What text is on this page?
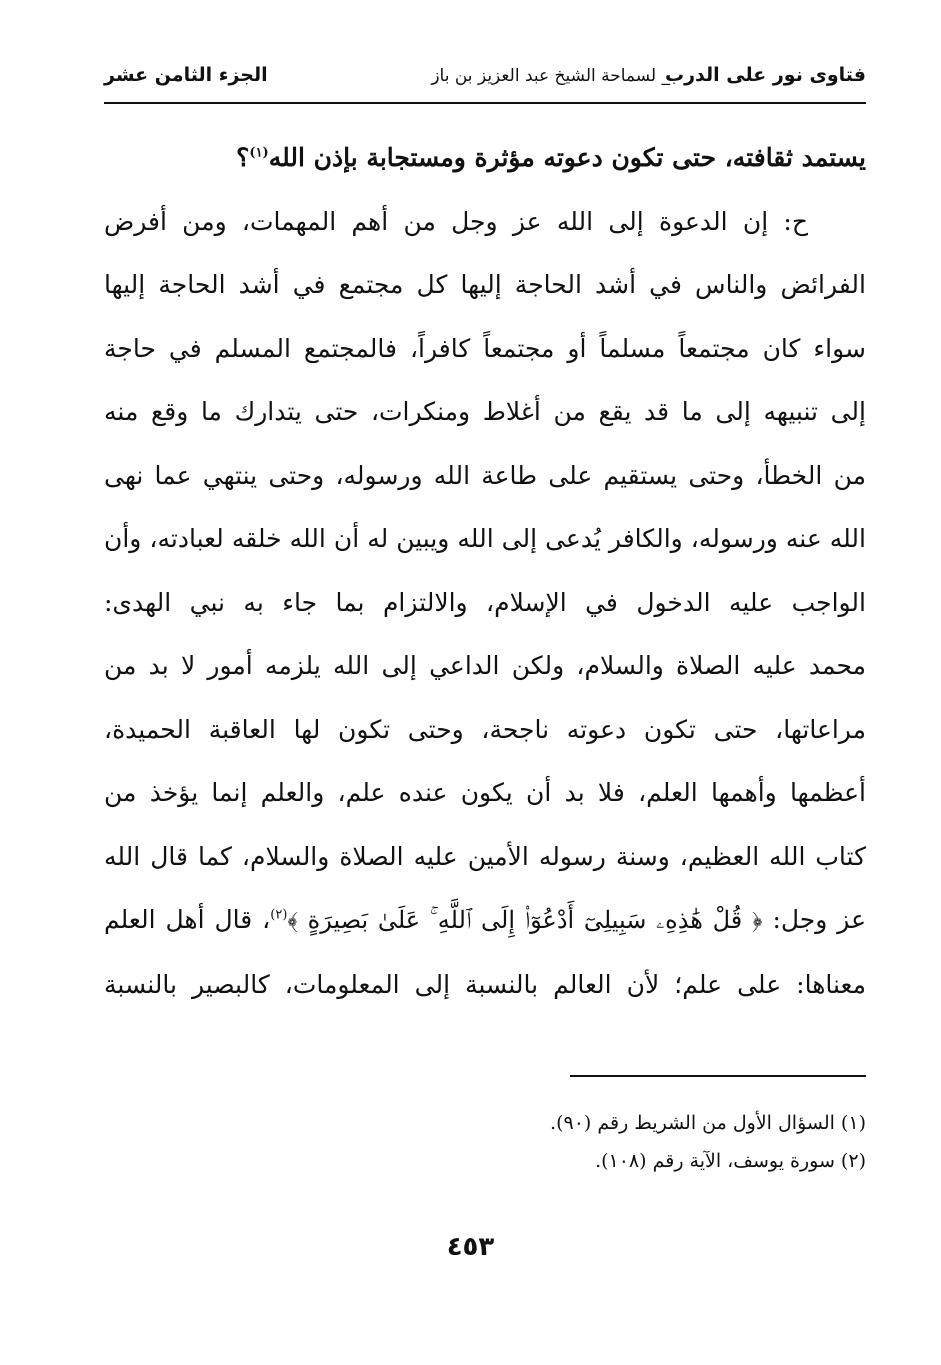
فتاوى نور على الدرب
_ لسماحة الشيخ عبد العزيز بن باز
الجزء الثامن عشر
يستمد ثقافته، حتى تكون دعوته مؤثرة ومستجابة بإذن الله$^{(١)}$؟
ح: إن الدعوة إلى الله عز وجل من أهم المهمات، ومن أفرض
الفرائض والناس في أشد الحاجة إليها كل مجتمع في أشد الحاجة إليها
سواء كان مجتمعاً مسلماً أو مجتمعاً كافراً، فالمجتمع المسلم في حاجة
إلى تنبيهه إلى ما قد يقع من أغلاط ومنكرات، حتى يتدارك ما وقع منه
من الخطأ، وحتى يستقيم على طاعة الله ورسوله، وحتى ينتهي عما نهى
الله عنه ورسوله، والكافر يُدعى إلى الله ويبين له أن الله خلقه لعبادته، وأن
الواجب عليه الدخول في الإسلام، والالتزام بما جاء به نبي الهدى:
محمد عليه الصلاة والسلام، ولكن الداعي إلى الله يلزمه أمور لا بد من
مراعاتها، حتى تكون دعوته ناجحة، وحتى تكون لها العاقبة الحميدة،
أعظمها وأهمها العلم، فلا بد أن يكون عنده علم، والعلم إنما يؤخذ من
كتاب الله العظيم، وسنة رسوله الأمين عليه الصلاة والسلام، كما قال الله
عز وجل: ﴿ قُلْ هَٰذِهِۦ سَبِيلِىٓ أَدْعُوٓا۟ إِلَى ٱللَّهِ ۚ عَلَىٰ بَصِيرَةٍ ﴾$^{(٢)}$، قال أهل العلم
معناها: على علم؛ لأن العالم بالنسبة إلى المعلومات، كالبصير بالنسبة
(١) السؤال الأول من الشريط رقم (٩٠).
(٢) سورة يوسف، الآية رقم (١٠٨).
٤٥٣
